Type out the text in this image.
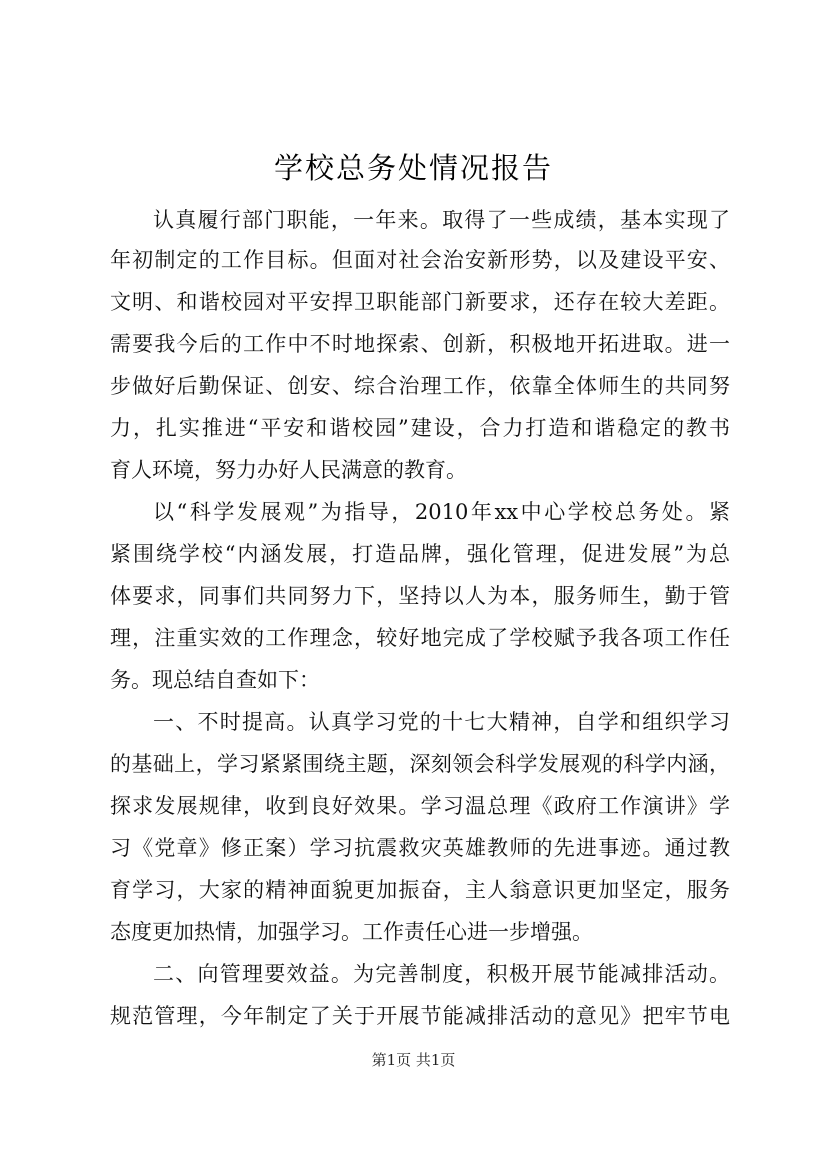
学校总务处情况报告
认真履行部门职能，一年来。取得了一些成绩，基本实现了
年初制定的工作目标。但面对社会治安新形势，以及建设平安、
文明、和谐校园对平安捍卫职能部门新要求，还存在较大差距。
需要我今后的工作中不时地探索、创新，积极地开拓进取。进一
步做好后勤保证、创安、综合治理工作，依靠全体师生的共同努
力，扎实推进“平安和谐校园”建设，合力打造和谐稳定的教书
育人环境，努力办好人民满意的教育。
以“科学发展观”为指导，2010年xx中心学校总务处。紧
紧围绕学校“内涵发展，打造品牌，强化管理，促进发展”为总
体要求，同事们共同努力下，坚持以人为本，服务师生，勤于管
理，注重实效的工作理念，较好地完成了学校赋予我各项工作任
务。现总结自查如下：
一、不时提高。认真学习党的十七大精神，自学和组织学习
的基础上，学习紧紧围绕主题，深刻领会科学发展观的科学内涵，
探求发展规律，收到良好效果。学习温总理《政府工作演讲》学
习《党章》修正案）学习抗震救灾英雄教师的先进事迹。通过教
育学习，大家的精神面貌更加振奋，主人翁意识更加坚定，服务
态度更加热情，加强学习。工作责任心进一步增强。
二、向管理要效益。为完善制度，积极开展节能减排活动。
规范管理，今年制定了关于开展节能减排活动的意见》把牢节电
第1页 共1页
